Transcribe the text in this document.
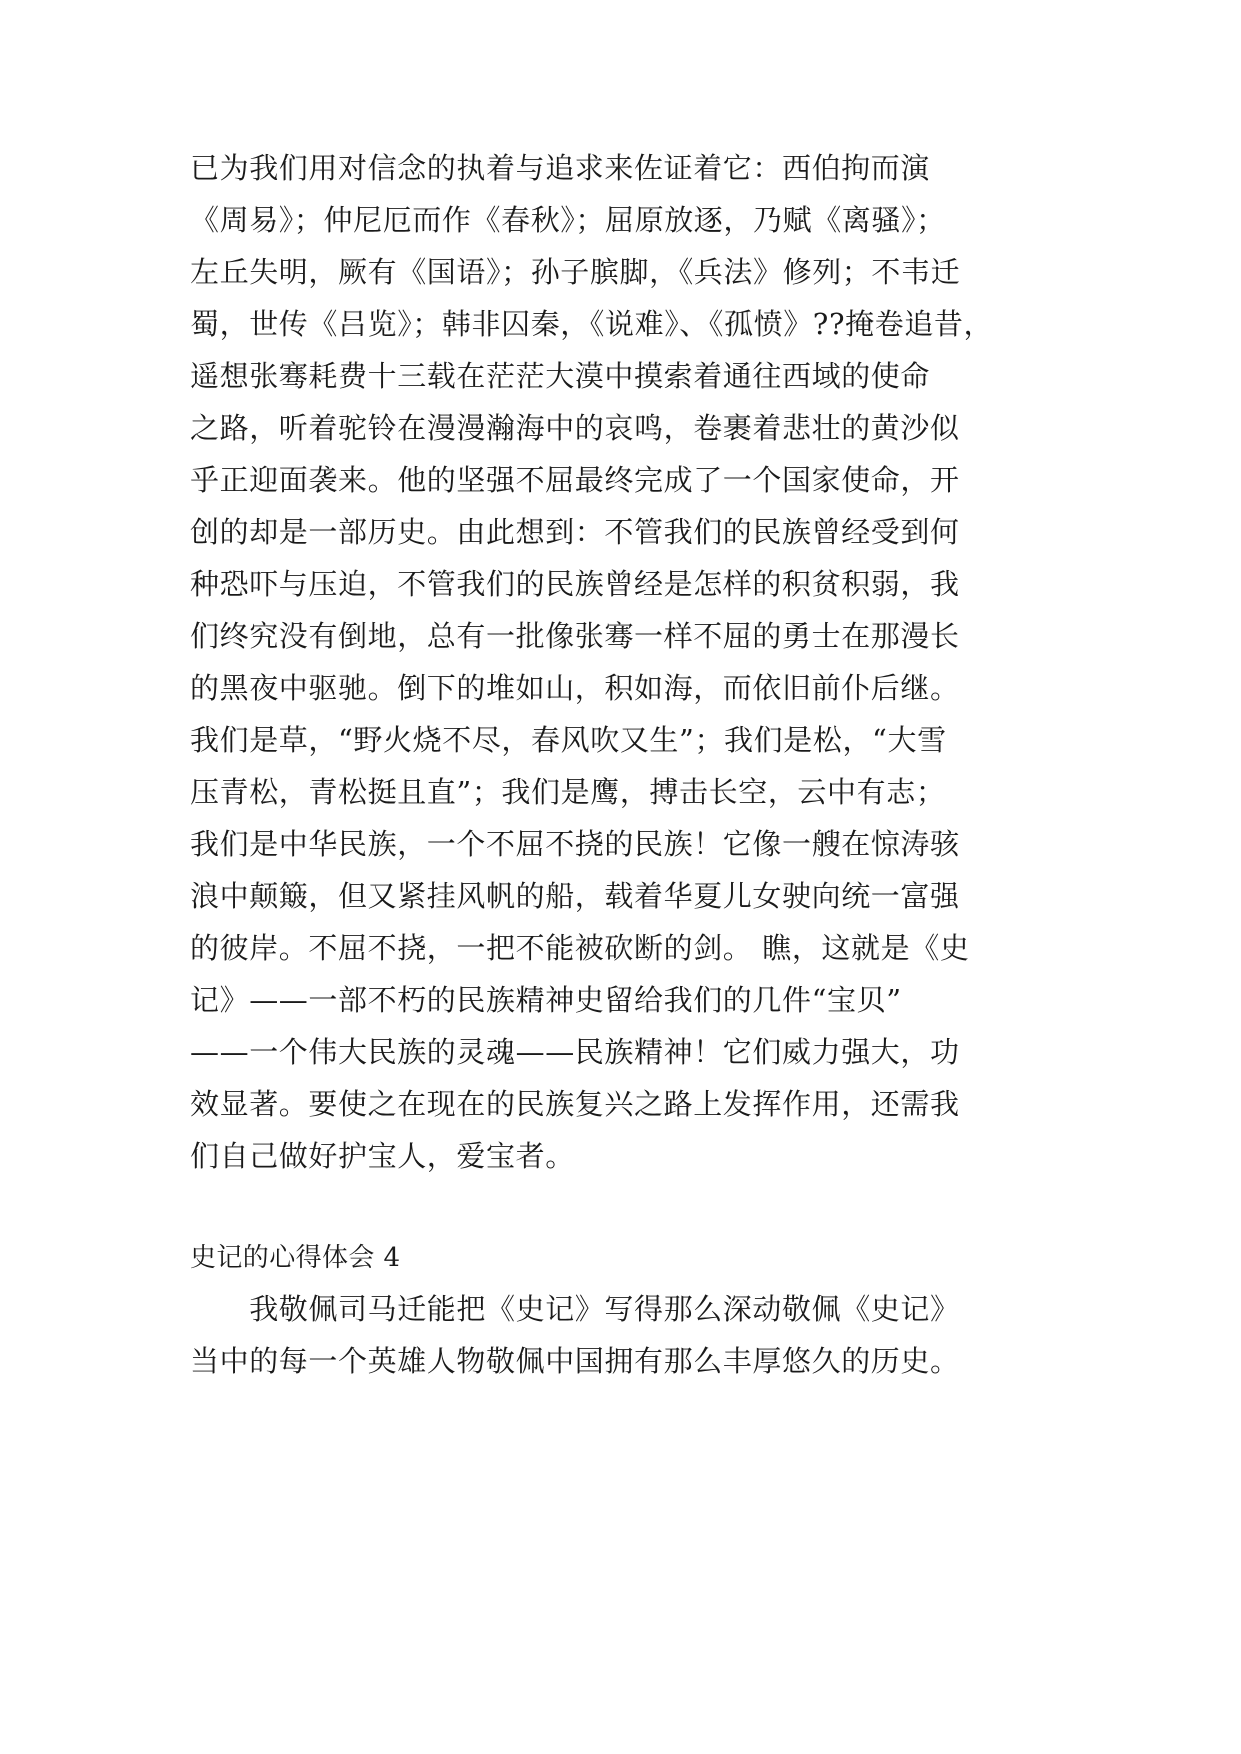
已为我们用对信念的执着与追求来佐证着它：西伯拘而演
《周易》；仲尼厄而作《春秋》；屈原放逐，乃赋《离骚》；
左丘失明，厥有《国语》；孙子膑脚，《兵法》修列；不韦迁
蜀，世传《吕览》；韩非囚秦，《说难》、《孤愤》??掩卷追昔，
遥想张骞耗费十三载在茫茫大漠中摸索着通往西域的使命
之路，听着驼铃在漫漫瀚海中的哀鸣，卷裹着悲壮的黄沙似
乎正迎面袭来。他的坚强不屈最终完成了一个国家使命，开
创的却是一部历史。由此想到：不管我们的民族曾经受到何
种恐吓与压迫，不管我们的民族曾经是怎样的积贫积弱，我
们终究没有倒地，总有一批像张骞一样不屈的勇士在那漫长
的黑夜中驱驰。倒下的堆如山，积如海，而依旧前仆后继。
我们是草，“野火烧不尽，春风吹又生”；我们是松，“大雪
压青松，青松挺且直”；我们是鹰，搏击长空，云中有志；
我们是中华民族，一个不屈不挠的民族！它像一艘在惊涛骇
浪中颠簸，但又紧挂风帆的船，载着华夏儿女驶向统一富强
的彼岸。不屈不挠，一把不能被砍断的剑。 瞧，这就是《史
记》——一部不朽的民族精神史留给我们的几件“宝贝”
——一个伟大民族的灵魂——民族精神！它们威力强大，功
效显著。要使之在现在的民族复兴之路上发挥作用，还需我
们自己做好护宝人，爱宝者。
史记的心得体会 4
　　我敬佩司马迁能把《史记》写得那么深动敬佩《史记》
当中的每一个英雄人物敬佩中国拥有那么丰厚悠久的历史。
